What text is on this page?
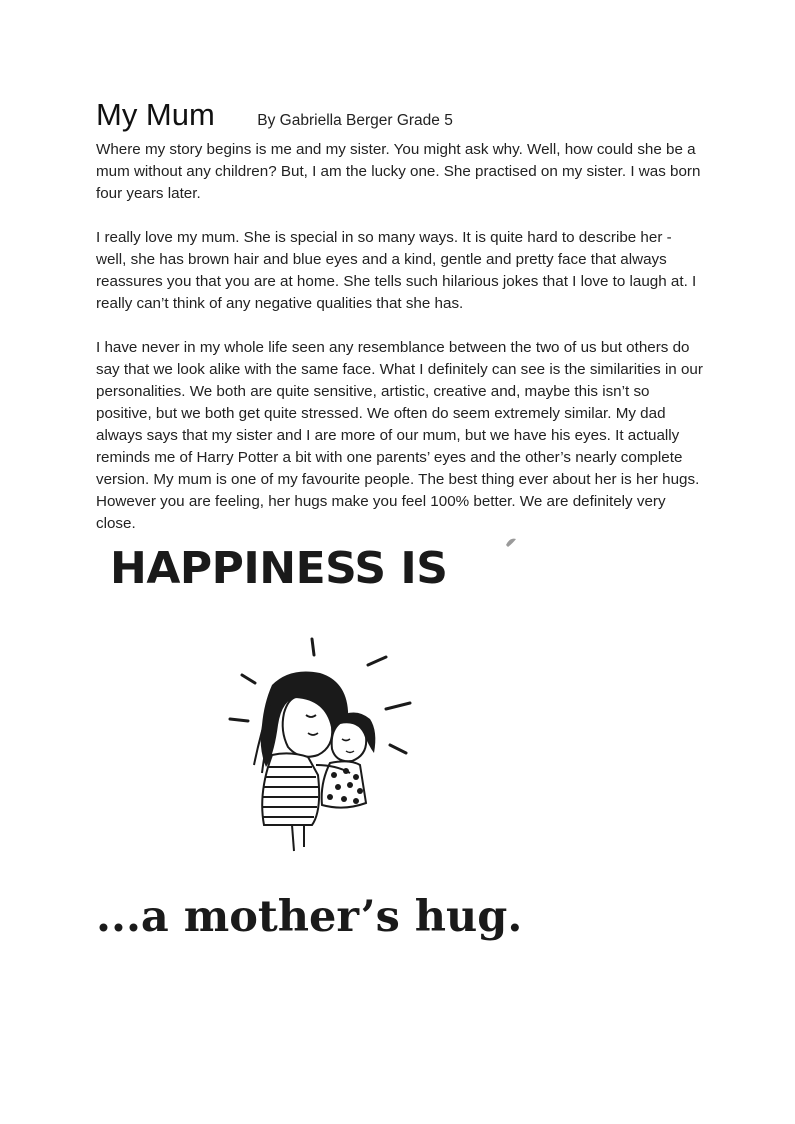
My Mum	By Gabriella Berger Grade 5

Where my story begins is me and my sister. You might ask why. Well, how could she be a mum without any children? But, I am the lucky one. She practised on my sister. I was born four years later.

I really love my mum. She is special in so many ways. It is quite hard to describe her - well, she has brown hair and blue eyes and a kind, gentle and pretty face that always reassures you that you are at home. She tells such hilarious jokes that I love to laugh at. I really can’t think of any negative qualities that she has.

I have never in my whole life seen any resemblance between the two of us but others do say that we look alike with the same face. What I definitely can see is the similarities in our personalities. We both are quite sensitive, artistic, creative and, maybe this isn’t so positive, but we both get quite stressed. We often do seem extremely similar. My dad always says that my sister and I are more of our mum, but we have his eyes. It actually reminds me of Harry Potter a bit with one parents’ eyes and the other’s nearly complete version. My mum is one of my favourite people. The best thing ever about her is her hugs. However you are feeling, her hugs make you feel 100% better. We are definitely very close.

HAPPINESS IS
...a mother’s hug.
